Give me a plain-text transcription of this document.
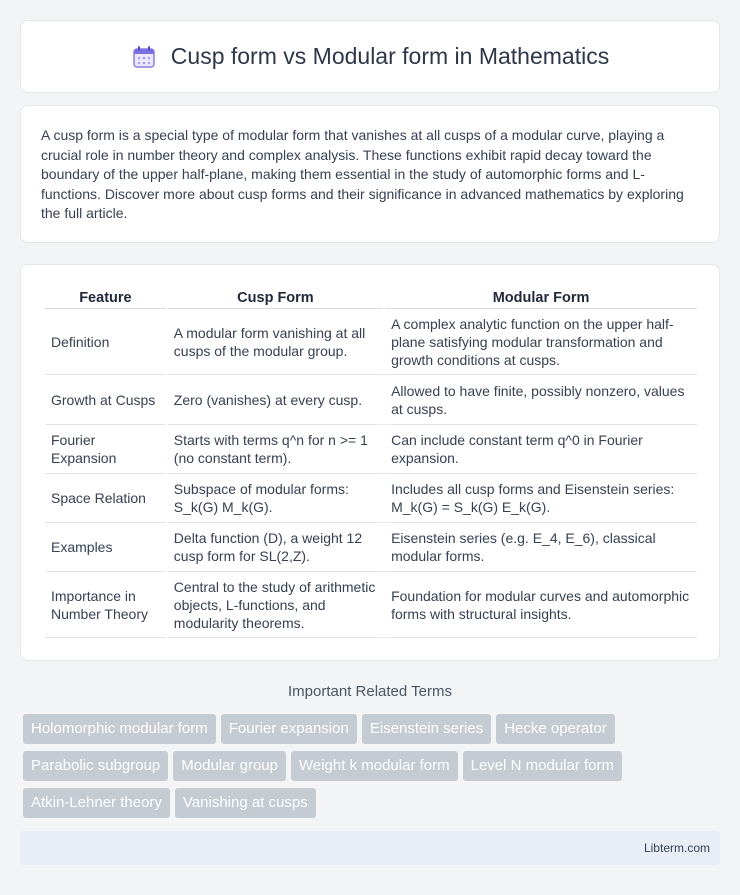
Cusp form vs Modular form in Mathematics

A cusp form is a special type of modular form that vanishes at all cusps of a modular curve, playing a crucial role in number theory and complex analysis. These functions exhibit rapid decay toward the boundary of the upper half-plane, making them essential in the study of automorphic forms and L-functions. Discover more about cusp forms and their significance in advanced mathematics by exploring the full article.

Feature	Cusp Form	Modular Form
Definition	A modular form vanishing at all cusps of the modular group.	A complex analytic function on the upper half-plane satisfying modular transformation and growth conditions at cusps.
Growth at Cusps	Zero (vanishes) at every cusp.	Allowed to have finite, possibly nonzero, values at cusps.
Fourier Expansion	Starts with terms q^n for n >= 1 (no constant term).	Can include constant term q^0 in Fourier expansion.
Space Relation	Subspace of modular forms: S_k(G) M_k(G).	Includes all cusp forms and Eisenstein series: M_k(G) = S_k(G) E_k(G).
Examples	Delta function (D), a weight 12 cusp form for SL(2,Z).	Eisenstein series (e.g. E_4, E_6), classical modular forms.
Importance in Number Theory	Central to the study of arithmetic objects, L-functions, and modularity theorems.	Foundation for modular curves and automorphic forms with structural insights.
Important Related Terms
Holomorphic modular form	Fourier expansion	Eisenstein series	Hecke operator
Parabolic subgroup	Modular group	Weight k modular form	Level N modular form
Atkin-Lehner theory	Vanishing at cusps
Libterm.com
